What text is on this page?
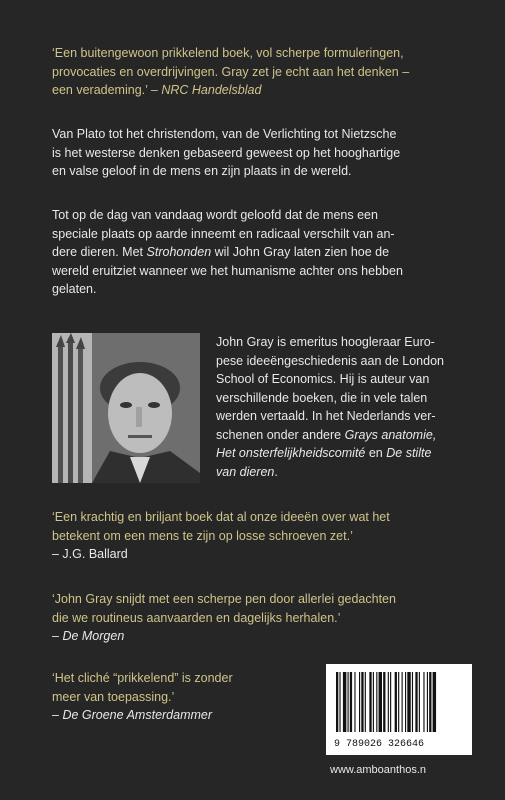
‘Een buitengewoon prikkelend boek, vol scherpe formuleringen,
provocaties en overdrijvingen. Gray zet je echt aan het denken –
een verademing.’ – NRC Handelsblad
Van Plato tot het christendom, van de Verlichting tot Nietzsche
is het westerse denken gebaseerd geweest op het hooghartige
en valse geloof in de mens en zijn plaats in de wereld.
Tot op de dag van vandaag wordt geloofd dat de mens een
speciale plaats op aarde inneemt en radicaal verschilt van an-
dere dieren. Met Strohonden wil John Gray laten zien hoe de
wereld eruitziet wanneer we het humanisme achter ons hebben
gelaten.
John Gray is emeritus hoogleraar Euro-
pese ideeëngeschiedenis aan de London
School of Economics. Hij is auteur van
verschillende boeken, die in vele talen
werden vertaald. In het Nederlands ver-
schenen onder andere Grays anatomie,
Het onsterfelijkheidscomité en De stilte
van dieren.
‘Een krachtig en briljant boek dat al onze ideeën over wat het
betekent om een mens te zijn op losse schroeven zet.’
– J.G. Ballard
‘John Gray snijdt met een scherpe pen door allerlei gedachten
die we routineus aanvaarden en dagelijks herhalen.’
– De Morgen
‘Het cliché “prikkelend” is zonder
meer van toepassing.’
– De Groene Amsterdammer
9 789026 326646
www.amboanthos.n
